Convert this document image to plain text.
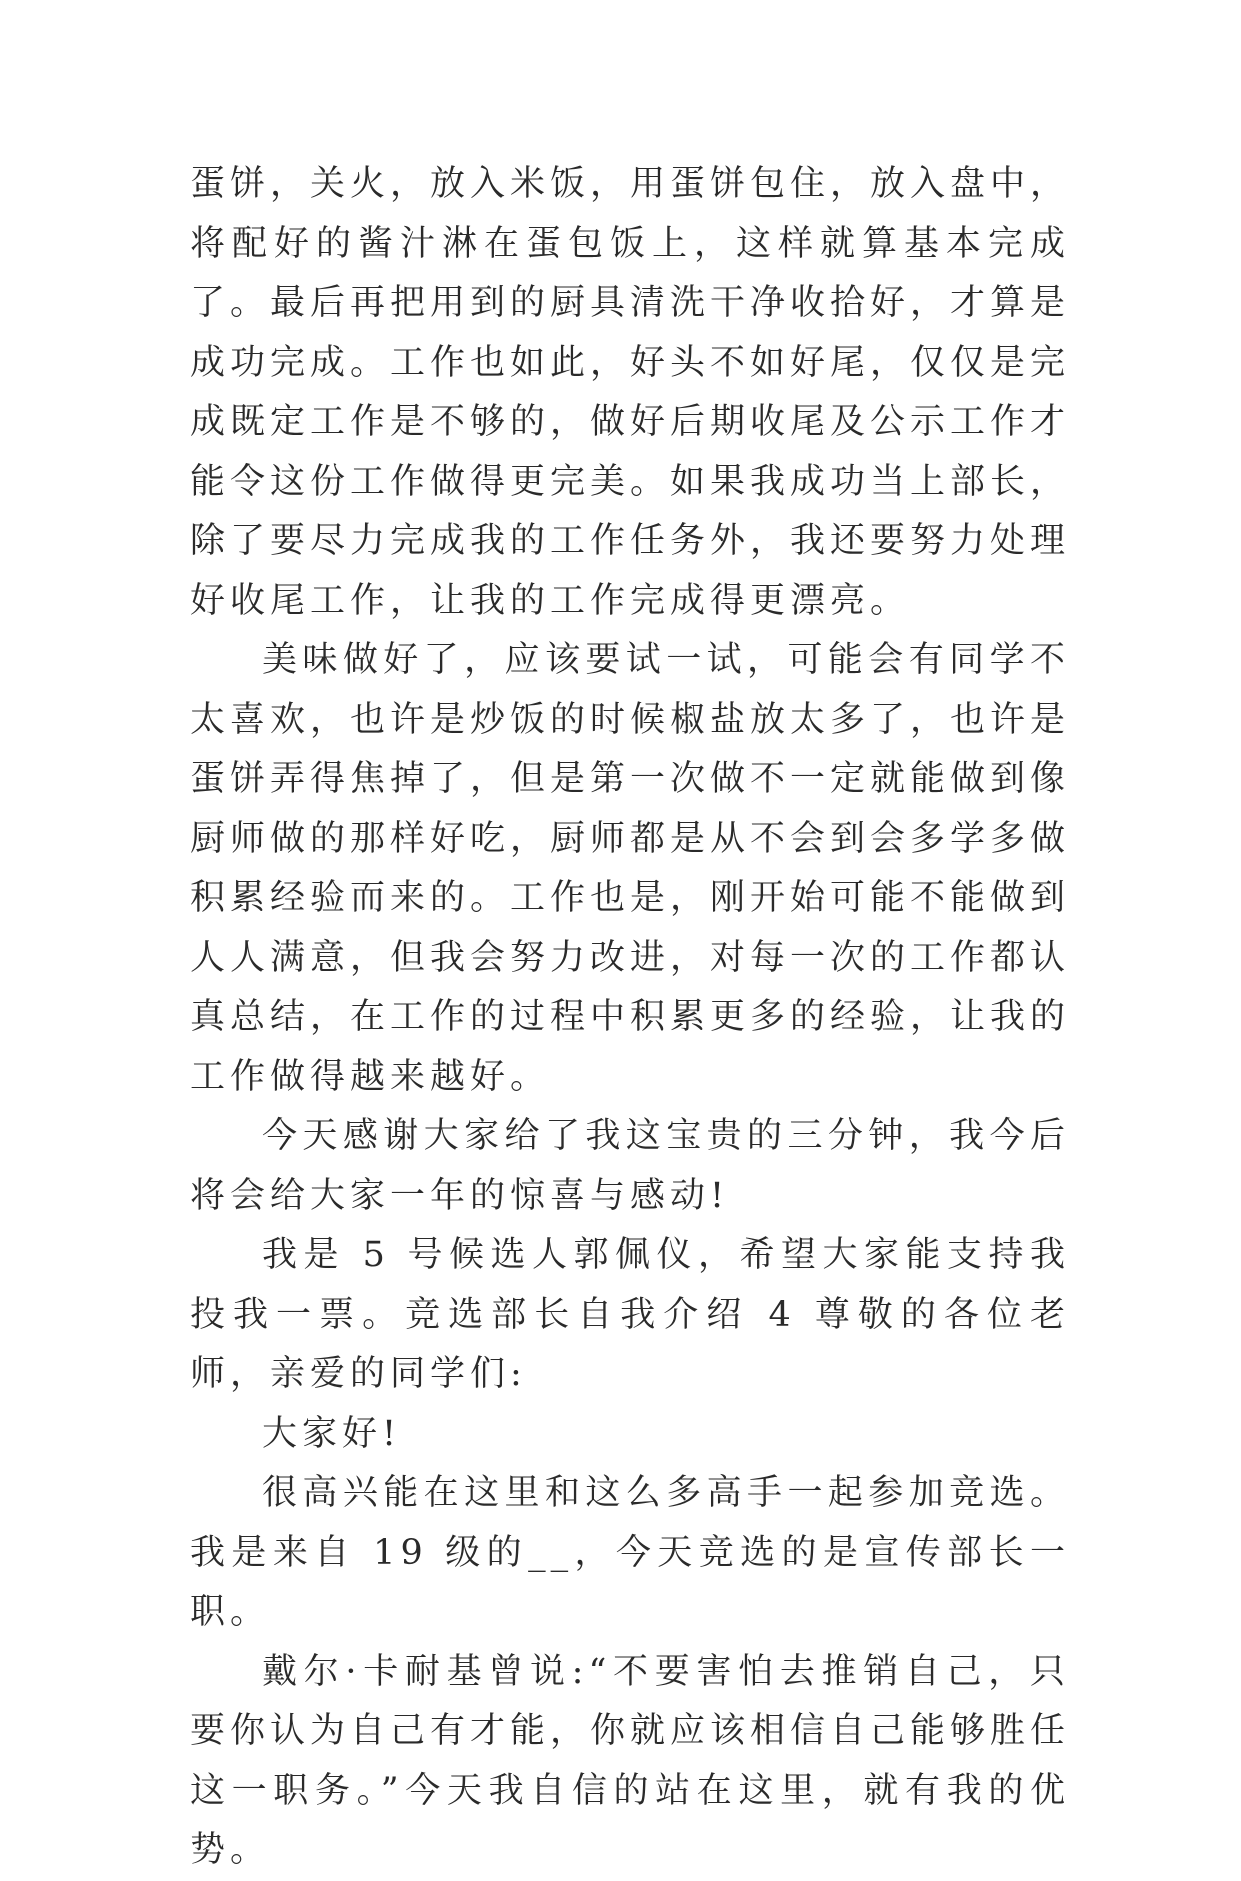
蛋饼，关火，放入米饭，用蛋饼包住，放入盘中，将配好的酱汁淋在蛋包饭上，这样就算基本完成了。最后再把用到的厨具清洗干净收拾好，才算是成功完成。工作也如此，好头不如好尾，仅仅是完成既定工作是不够的，做好后期收尾及公示工作才能令这份工作做得更完美。如果我成功当上部长，除了要尽力完成我的工作任务外，我还要努力处理好收尾工作，让我的工作完成得更漂亮。

美味做好了，应该要试一试，可能会有同学不太喜欢，也许是炒饭的时候椒盐放太多了，也许是蛋饼弄得焦掉了，但是第一次做不一定就能做到像厨师做的那样好吃，厨师都是从不会到会多学多做积累经验而来的。工作也是，刚开始可能不能做到人人满意，但我会努力改进，对每一次的工作都认真总结，在工作的过程中积累更多的经验，让我的工作做得越来越好。

今天感谢大家给了我这宝贵的三分钟，我今后将会给大家一年的惊喜与感动!

我是 5 号候选人郭佩仪，希望大家能支持我投我一票。竞选部长自我介绍 4 尊敬的各位老师，亲爱的同学们:

大家好!

很高兴能在这里和这么多高手一起参加竞选。我是来自 19 级的__，今天竞选的是宣传部长一职。

戴尔·卡耐基曾说:“不要害怕去推销自己，只要你认为自己有才能，你就应该相信自己能够胜任这一职务。”今天我自信的站在这里，就有我的优势。
